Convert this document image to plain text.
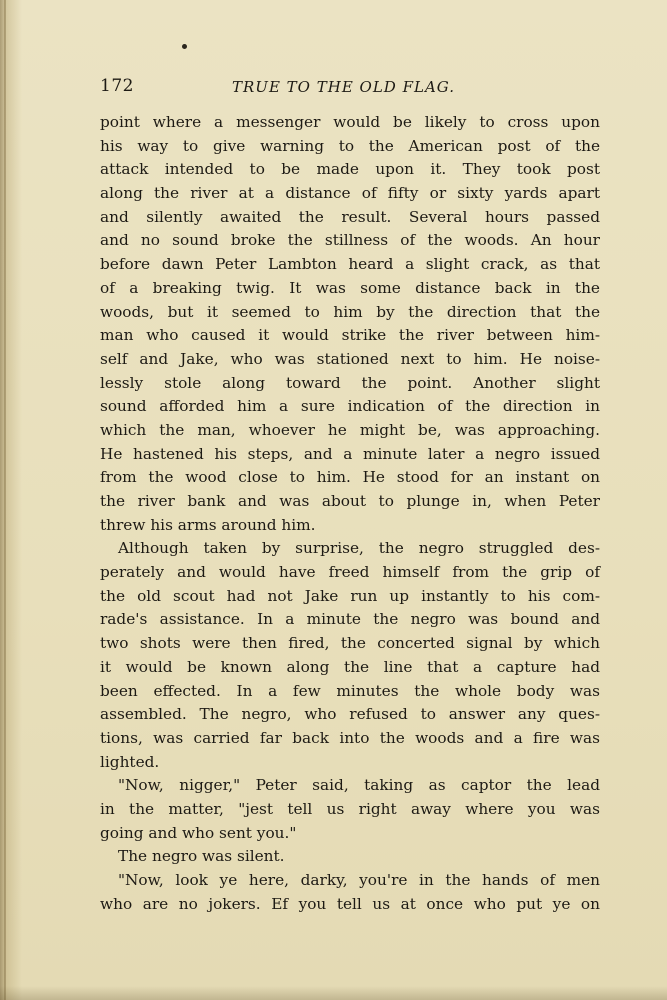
172	TRUE TO THE OLD FLAG.
point where a messenger would be likely to cross upon
his way to give warning to the American post of the
attack intended to be made upon it. They took post
along the river at a distance of fifty or sixty yards apart
and silently awaited the result. Several hours passed
and no sound broke the stillness of the woods. An hour
before dawn Peter Lambton heard a slight crack, as that
of a breaking twig. It was some distance back in the
woods, but it seemed to him by the direction that the
man who caused it would strike the river between him-
self and Jake, who was stationed next to him. He noise-
lessly stole along toward the point. Another slight
sound afforded him a sure indication of the direction in
which the man, whoever he might be, was approaching.
He hastened his steps, and a minute later a negro issued
from the wood close to him. He stood for an instant on
the river bank and was about to plunge in, when Peter
threw his arms around him.
Although taken by surprise, the negro struggled des-
perately and would have freed himself from the grip of
the old scout had not Jake run up instantly to his com-
rade's assistance. In a minute the negro was bound and
two shots were then fired, the concerted signal by which
it would be known along the line that a capture had
been effected. In a few minutes the whole body was
assembled. The negro, who refused to answer any ques-
tions, was carried far back into the woods and a fire was
lighted.
"Now, nigger," Peter said, taking as captor the lead
in the matter, "jest tell us right away where you was
going and who sent you."
The negro was silent.
"Now, look ye here, darky, you're in the hands of men
who are no jokers. Ef you tell us at once who put ye on
